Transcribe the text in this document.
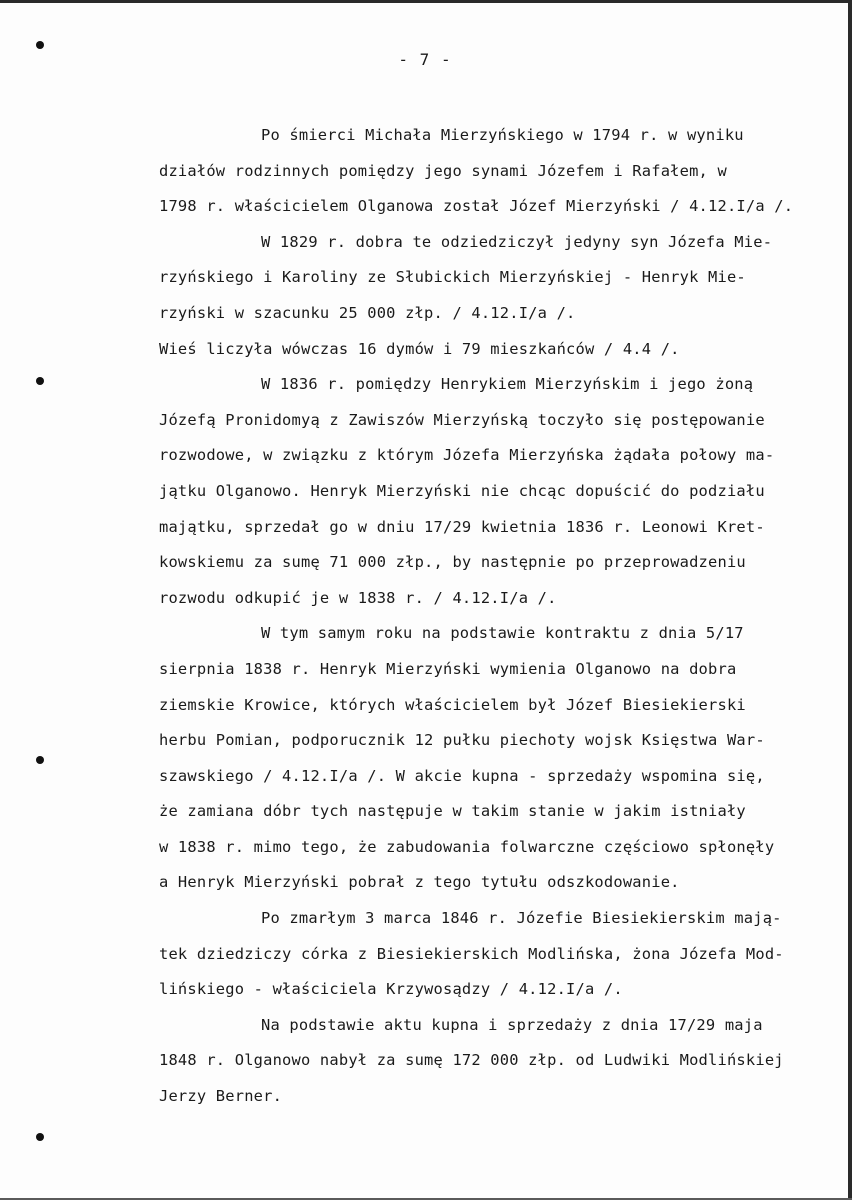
- 7 -
Po śmierci Michała Mierzyńskiego w 1794 r. w wyniku
działów rodzinnych pomiędzy jego synami Józefem i Rafałem, w
1798 r. właścicielem Olganowa został Józef Mierzyński / 4.12.I/a /.
W 1829 r. dobra te odziedziczył jedyny syn Józefa Mie-
rzyńskiego i Karoliny ze Słubickich Mierzyńskiej - Henryk Mie-
rzyński w szacunku 25 000 złp. / 4.12.I/a /.
Wieś liczyła wówczas 16 dymów i 79 mieszkańców / 4.4 /.
W 1836 r. pomiędzy Henrykiem Mierzyńskim i jego żoną
Józefą Pronidomyą z Zawiszów Mierzyńską toczyło się postępowanie
rozwodowe, w związku z którym Józefa Mierzyńska żądała połowy ma-
jątku Olganowo. Henryk Mierzyński nie chcąc dopuścić do podziału
majątku, sprzedał go w dniu 17/29 kwietnia 1836 r. Leonowi Kret-
kowskiemu za sumę 71 000 złp., by następnie po przeprowadzeniu
rozwodu odkupić je w 1838 r. / 4.12.I/a /.
W tym samym roku na podstawie kontraktu z dnia 5/17
sierpnia 1838 r. Henryk Mierzyński wymienia Olganowo na dobra
ziemskie Krowice, których właścicielem był Józef Biesiekierski
herbu Pomian, podporucznik 12 pułku piechoty wojsk Księstwa War-
szawskiego / 4.12.I/a /. W akcie kupna - sprzedaży wspomina się,
że zamiana dóbr tych następuje w takim stanie w jakim istniały
w 1838 r. mimo tego, że zabudowania folwarczne częściowo spłonęły
a Henryk Mierzyński pobrał z tego tytułu odszkodowanie.
Po zmarłym 3 marca 1846 r. Józefie Biesiekierskim mają-
tek dziedziczy córka z Biesiekierskich Modlińska, żona Józefa Mod-
lińskiego - właściciela Krzywosądzy / 4.12.I/a /.
Na podstawie aktu kupna i sprzedaży z dnia 17/29 maja
1848 r. Olganowo nabył za sumę 172 000 złp. od Ludwiki Modlińskiej
Jerzy Berner.
